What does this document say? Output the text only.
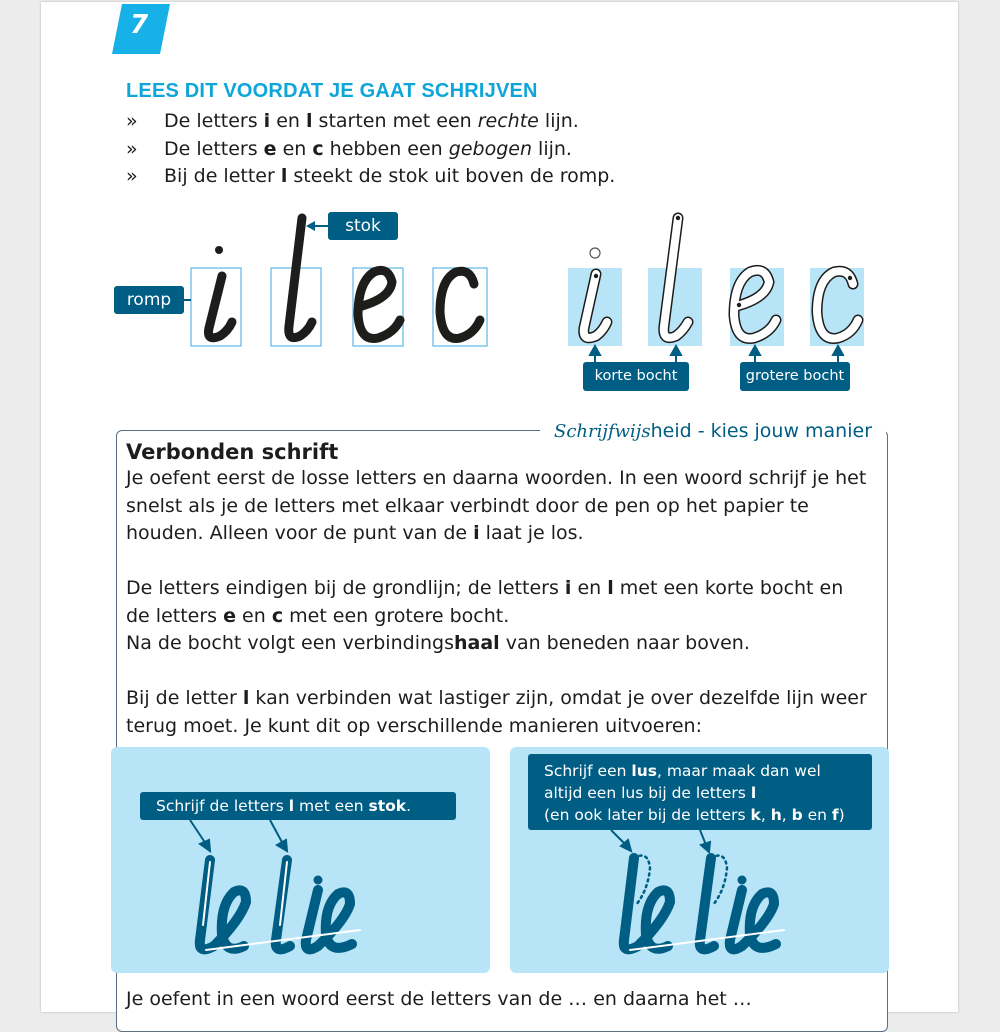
7
LEES DIT VOORDAT JE GAAT SCHRIJVEN
»	De letters i en l starten met een rechte lijn.
»	De letters e en c hebben een gebogen lijn.
»	Bij de letter l steekt de stok uit boven de romp.
stok
romp
korte bocht	grotere bocht
Schrijfwijsheid - kies jouw manier
Verbonden schrift

Je oefent eerst de losse letters en daarna woorden. In een woord schrijf je het snelst als je de letters met elkaar verbindt door de pen op het papier te houden. Alleen voor de punt van de i laat je los.

De letters eindigen bij de grondlijn; de letters i en l met een korte bocht en de letters e en c met een grotere bocht.
Na de bocht volgt een verbindingshaal van beneden naar boven.

Bij de letter l kan verbinden wat lastiger zijn, omdat je over dezelfde lijn weer terug moet. Je kunt dit op verschillende manieren uitvoeren:

Schrijf de letters l met een stok.
Schrijf een lus, maar maak dan wel
altijd een lus bij de letters l
(en ook later bij de letters k, h, b en f)
Je oefent in een woord eerst de letters van de … en daarna het …
